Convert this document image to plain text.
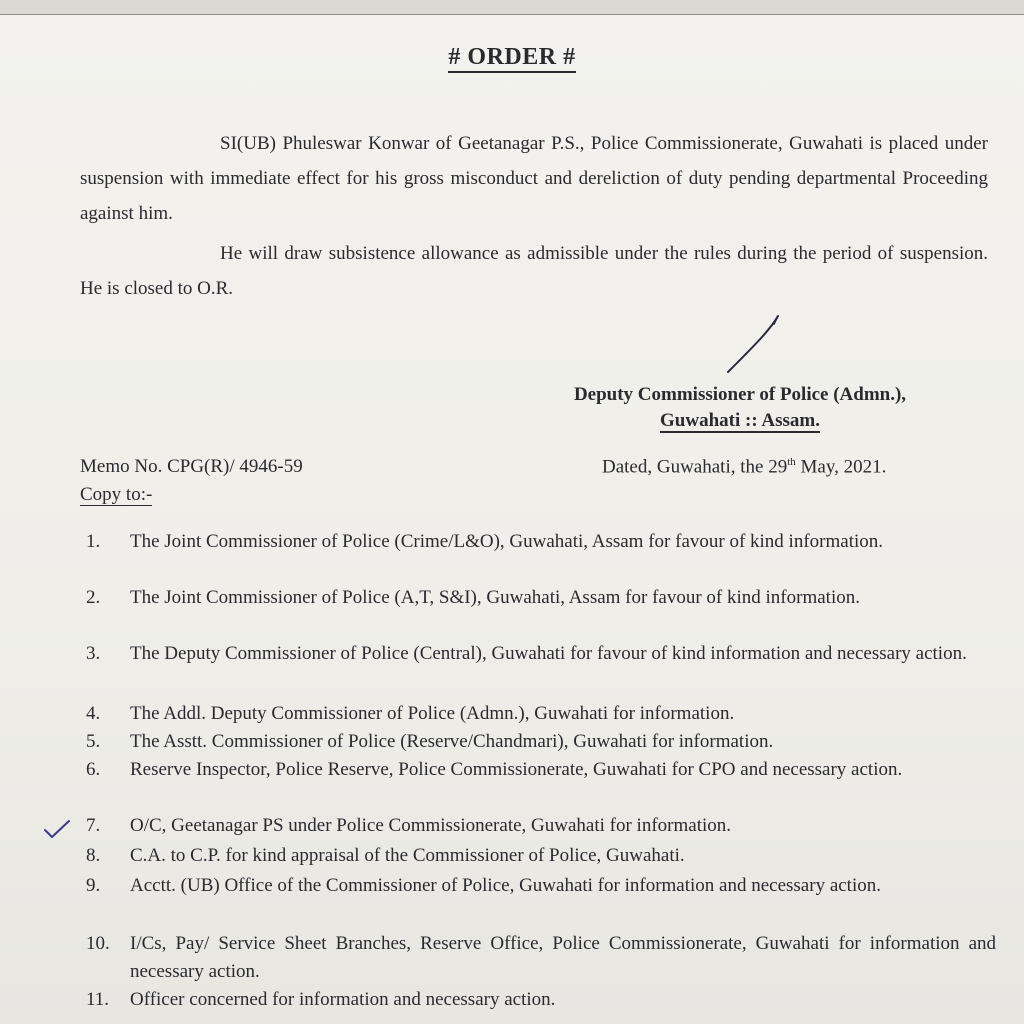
# ORDER #
SI(UB) Phuleswar Konwar of Geetanagar P.S., Police Commissionerate, Guwahati is placed under suspension with immediate effect for his gross misconduct and dereliction of duty pending departmental Proceeding against him.
He will draw subsistence allowance as admissible under the rules during the period of suspension. He is closed to O.R.
Deputy Commissioner of Police (Admn.),
Guwahati :: Assam.
Memo No. CPG(R)/ 4946-59	Dated, Guwahati, the 29th May, 2021.
Copy to:-
1.	The Joint Commissioner of Police (Crime/L&O), Guwahati, Assam for favour of kind information.
2.	The Joint Commissioner of Police (A,T, S&I), Guwahati, Assam for favour of kind information.
3.	The Deputy Commissioner of Police (Central), Guwahati for favour of kind information and necessary action.
4.	The Addl. Deputy Commissioner of Police (Admn.), Guwahati for information.
5.	The Asstt. Commissioner of Police (Reserve/Chandmari), Guwahati for information.
6.	Reserve Inspector, Police Reserve, Police Commissionerate, Guwahati for CPO and necessary action.
7.	O/C, Geetanagar PS under Police Commissionerate, Guwahati for information.
8.	C.A. to C.P. for kind appraisal of the Commissioner of Police, Guwahati.
9.	Acctt. (UB) Office of the Commissioner of Police, Guwahati for information and necessary action.
10.	I/Cs, Pay/ Service Sheet Branches, Reserve Office, Police Commissionerate, Guwahati for information and necessary action.
11.	Officer concerned for information and necessary action.
